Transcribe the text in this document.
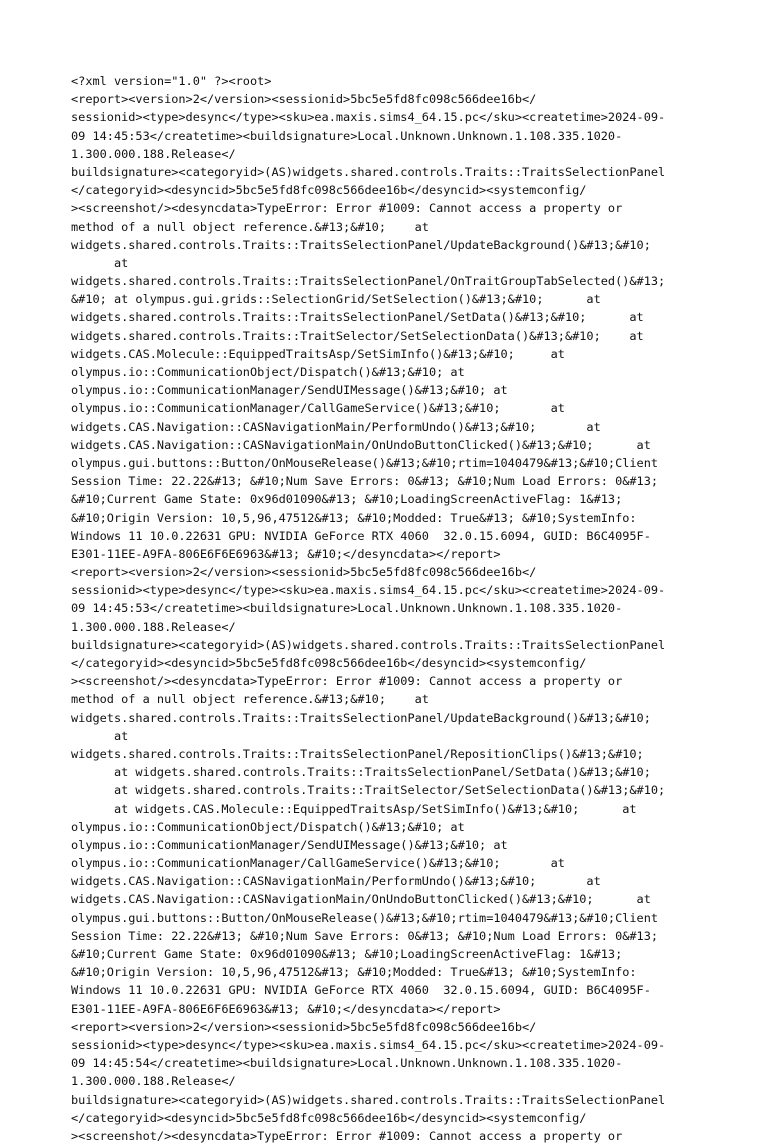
<?xml version="1.0" ?><root>
<report><version>2</version><sessionid>5bc5e5fd8fc098c566dee16b</
sessionid><type>desync</type><sku>ea.maxis.sims4_64.15.pc</sku><createtime>2024-09-
09 14:45:53</createtime><buildsignature>Local.Unknown.Unknown.1.108.335.1020-
1.300.000.188.Release</
buildsignature><categoryid>(AS)widgets.shared.controls.Traits::TraitsSelectionPanel
</categoryid><desyncid>5bc5e5fd8fc098c566dee16b</desyncid><systemconfig/
><screenshot/><desyncdata>TypeError: Error #1009: Cannot access a property or
method of a null object reference.&#13;&#10;    at
widgets.shared.controls.Traits::TraitsSelectionPanel/UpdateBackground()&#13;&#10;
at
widgets.shared.controls.Traits::TraitsSelectionPanel/OnTraitGroupTabSelected()&#13;
&#10; at olympus.gui.grids::SelectionGrid/SetSelection()&#13;&#10;      at
widgets.shared.controls.Traits::TraitsSelectionPanel/SetData()&#13;&#10;      at
widgets.shared.controls.Traits::TraitSelector/SetSelectionData()&#13;&#10;    at
widgets.CAS.Molecule::EquippedTraitsAsp/SetSimInfo()&#13;&#10;     at
olympus.io::CommunicationObject/Dispatch()&#13;&#10; at
olympus.io::CommunicationManager/SendUIMessage()&#13;&#10; at
olympus.io::CommunicationManager/CallGameService()&#13;&#10;       at
widgets.CAS.Navigation::CASNavigationMain/PerformUndo()&#13;&#10;       at
widgets.CAS.Navigation::CASNavigationMain/OnUndoButtonClicked()&#13;&#10;      at
olympus.gui.buttons::Button/OnMouseRelease()&#13;&#10;rtim=1040479&#13;&#10;Client
Session Time: 22.22&#13; &#10;Num Save Errors: 0&#13; &#10;Num Load Errors: 0&#13;
&#10;Current Game State: 0x96d01090&#13; &#10;LoadingScreenActiveFlag: 1&#13;
&#10;Origin Version: 10,5,96,47512&#13; &#10;Modded: True&#13; &#10;SystemInfo:
Windows 11 10.0.22631 GPU: NVIDIA GeForce RTX 4060  32.0.15.6094, GUID: B6C4095F-
E301-11EE-A9FA-806E6F6E6963&#13; &#10;</desyncdata></report>
<report><version>2</version><sessionid>5bc5e5fd8fc098c566dee16b</
sessionid><type>desync</type><sku>ea.maxis.sims4_64.15.pc</sku><createtime>2024-09-
09 14:45:53</createtime><buildsignature>Local.Unknown.Unknown.1.108.335.1020-
1.300.000.188.Release</
buildsignature><categoryid>(AS)widgets.shared.controls.Traits::TraitsSelectionPanel
</categoryid><desyncid>5bc5e5fd8fc098c566dee16b</desyncid><systemconfig/
><screenshot/><desyncdata>TypeError: Error #1009: Cannot access a property or
method of a null object reference.&#13;&#10;    at
widgets.shared.controls.Traits::TraitsSelectionPanel/UpdateBackground()&#13;&#10;
at
widgets.shared.controls.Traits::TraitsSelectionPanel/RepositionClips()&#13;&#10;
at widgets.shared.controls.Traits::TraitsSelectionPanel/SetData()&#13;&#10;
at widgets.shared.controls.Traits::TraitSelector/SetSelectionData()&#13;&#10;
at widgets.CAS.Molecule::EquippedTraitsAsp/SetSimInfo()&#13;&#10;      at
olympus.io::CommunicationObject/Dispatch()&#13;&#10; at
olympus.io::CommunicationManager/SendUIMessage()&#13;&#10; at
olympus.io::CommunicationManager/CallGameService()&#13;&#10;       at
widgets.CAS.Navigation::CASNavigationMain/PerformUndo()&#13;&#10;       at
widgets.CAS.Navigation::CASNavigationMain/OnUndoButtonClicked()&#13;&#10;      at
olympus.gui.buttons::Button/OnMouseRelease()&#13;&#10;rtim=1040479&#13;&#10;Client
Session Time: 22.22&#13; &#10;Num Save Errors: 0&#13; &#10;Num Load Errors: 0&#13;
&#10;Current Game State: 0x96d01090&#13; &#10;LoadingScreenActiveFlag: 1&#13;
&#10;Origin Version: 10,5,96,47512&#13; &#10;Modded: True&#13; &#10;SystemInfo:
Windows 11 10.0.22631 GPU: NVIDIA GeForce RTX 4060  32.0.15.6094, GUID: B6C4095F-
E301-11EE-A9FA-806E6F6E6963&#13; &#10;</desyncdata></report>
<report><version>2</version><sessionid>5bc5e5fd8fc098c566dee16b</
sessionid><type>desync</type><sku>ea.maxis.sims4_64.15.pc</sku><createtime>2024-09-
09 14:45:54</createtime><buildsignature>Local.Unknown.Unknown.1.108.335.1020-
1.300.000.188.Release</
buildsignature><categoryid>(AS)widgets.shared.controls.Traits::TraitsSelectionPanel
</categoryid><desyncid>5bc5e5fd8fc098c566dee16b</desyncid><systemconfig/
><screenshot/><desyncdata>TypeError: Error #1009: Cannot access a property or
